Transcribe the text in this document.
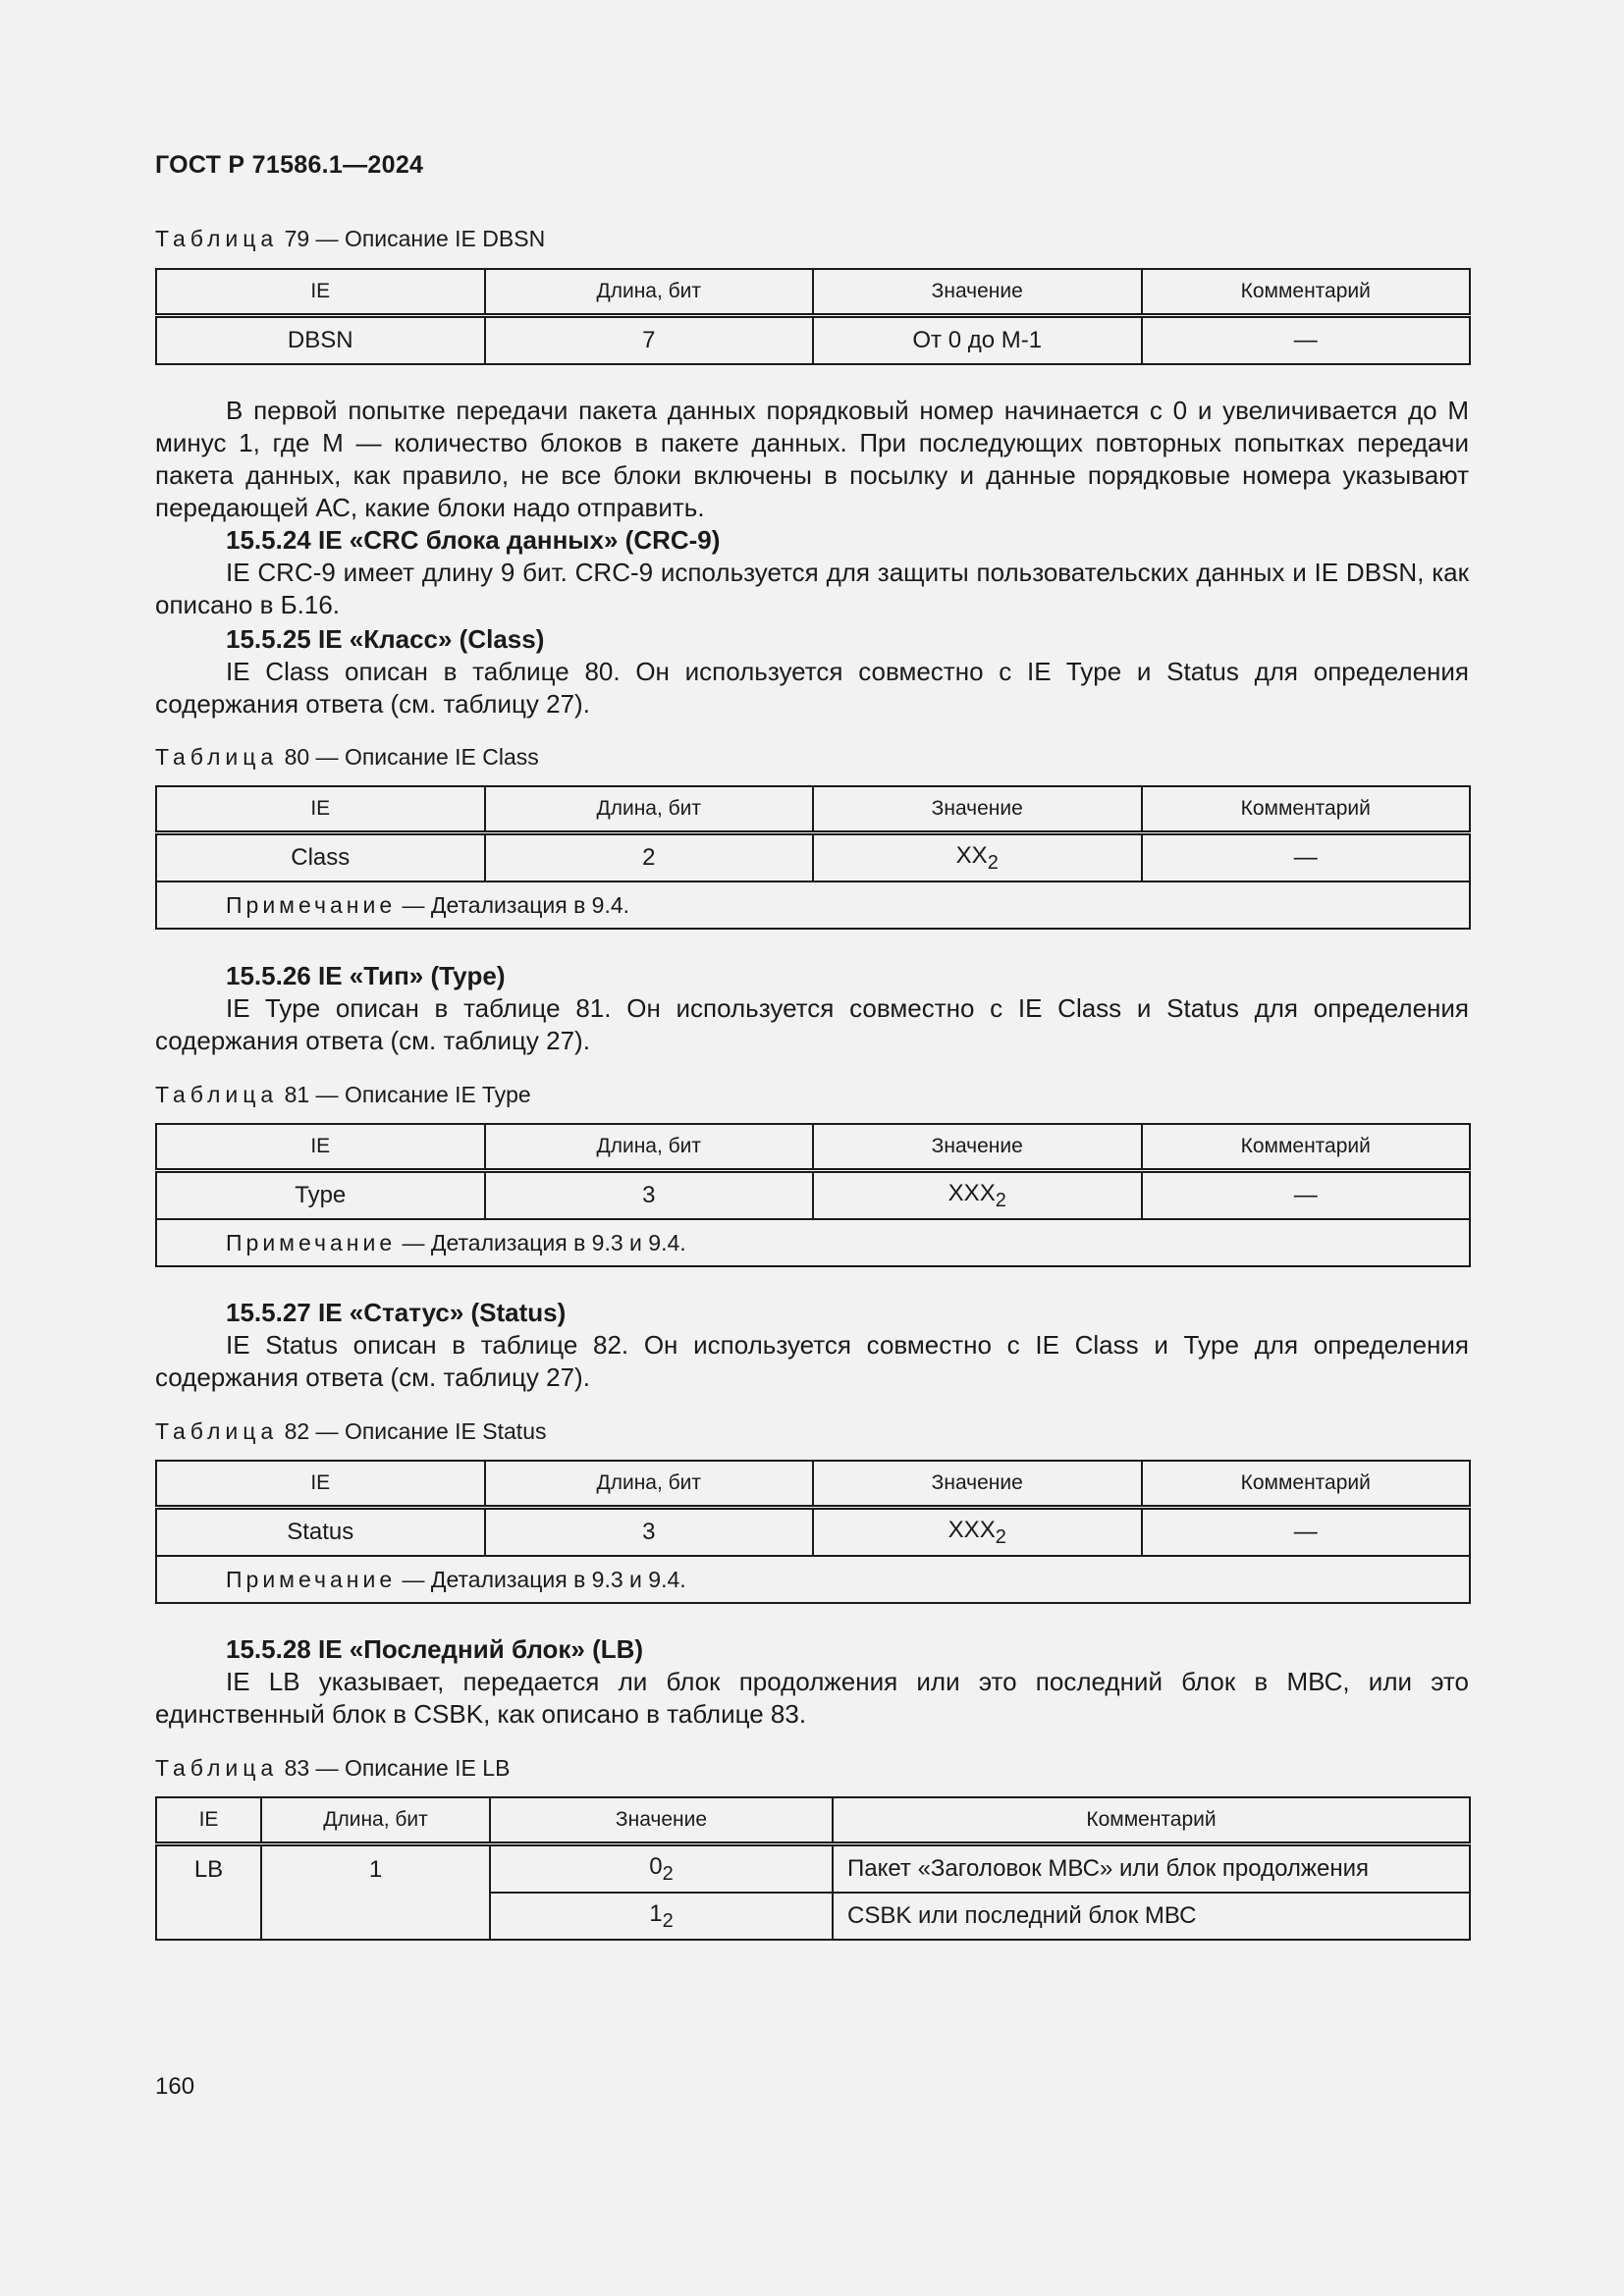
ГОСТ Р 71586.1—2024
Таблица 79 — Описание IE DBSN
IE	Длина, бит	Значение	Комментарий
DBSN	7	От 0 до М-1	—
В первой попытке передачи пакета данных порядковый номер начинается с 0 и увеличивается до М минус 1, где М — количество блоков в пакете данных. При последующих повторных попытках передачи пакета данных, как правило, не все блоки включены в посылку и данные порядковые номера указывают передающей АС, какие блоки надо отправить.
15.5.24 IE «CRC блока данных» (CRC-9)
IE CRC-9 имеет длину 9 бит. CRC-9 используется для защиты пользовательских данных и IE DBSN, как описано в Б.16.
15.5.25 IE «Класс» (Class)
IE Class описан в таблице 80. Он используется совместно с IE Type и Status для определения содержания ответа (см. таблицу 27).
Таблица 80 — Описание IE Class
IE	Длина, бит	Значение	Комментарий
Class	2	$XX_2$	—
Примечание — Детализация в 9.4.			
15.5.26 IE «Тип» (Type)
IE Type описан в таблице 81. Он используется совместно с IE Class и Status для определения содержания ответа (см. таблицу 27).
Таблица 81 — Описание IE Type
IE	Длина, бит	Значение	Комментарий
Type	3	$XXX_2$	—
Примечание — Детализация в 9.3 и 9.4.			
15.5.27 IE «Статус» (Status)
IE Status описан в таблице 82. Он используется совместно с IE Class и Type для определения содержания ответа (см. таблицу 27).
Таблица 82 — Описание IE Status
IE	Длина, бит	Значение	Комментарий
Status	3	$XXX_2$	—
Примечание — Детализация в 9.3 и 9.4.			
15.5.28 IE «Последний блок» (LB)
IE LB указывает, передается ли блок продолжения или это последний блок в МВС, или это единственный блок в CSBK, как описано в таблице 83.
Таблица 83 — Описание IE LB
IE	Длина, бит	Значение	Комментарий
LB	1	$0_2$	Пакет «Заголовок МВС» или блок продолжения
		$1_2$	CSBK или последний блок МВС
160
